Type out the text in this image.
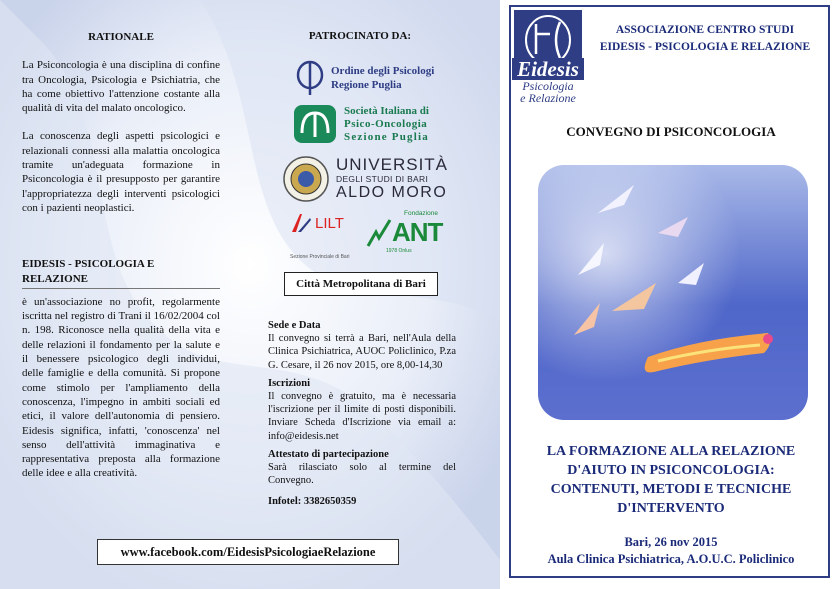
RATIONALE

La Psiconcologia è una disciplina di confine tra Oncologia, Psicologia e Psichiatria, che ha come obiettivo l'attenzione costante alla qualità di vita del malato oncologico.

La conoscenza degli aspetti psicologici e relazionali connessi alla malattia oncologica tramite un'adeguata formazione in Psiconcologia è il presupposto per garantire l'appropriatezza degli interventi psicologici con i pazienti neoplastici.

EIDESIS - PSICOLOGIA E RELAZIONE

è un'associazione no profit, regolarmente iscritta nel registro di Trani il 16/02/2004 col n. 198. Riconosce nella qualità della vita e delle relazioni il fondamento per la salute e il benessere psicologico degli individui, delle famiglie e della comunità. Si propone come stimolo per l'ampliamento della conoscenza, l'impegno in ambiti sociali ed etici, il valore dell'autonomia di pensiero. Eidesis significa, infatti, 'conoscenza' nel senso dell'attività immaginativa e rappresentativa preposta alla formazione delle idee e alla creatività.

PATROCINATO DA:

Ordine degli Psicologi
Regione Puglia
Società Italiana di
Psico-Oncologia
Sezione Puglia
UNIVERSITÀ
DEGLI STUDI DI BARI
ALDO MORO
LILT
Sezione Provinciale di Bari
Fondazione
ANT
1978 Onlus
Città Metropolitana di Bari

Sede e Data

Il convegno si terrà a Bari, nell'Aula della Clinica Psichiatrica, AUOC Policlinico, P.za G. Cesare, il 26 nov 2015, ore 8,00-14,30

Iscrizioni

Il convegno è gratuito, ma è necessaria l'iscrizione per il limite di posti disponibili. Inviare Scheda d'Iscrizione via email a: info@eidesis.net

Attestato di partecipazione

Sarà rilasciato solo al termine del Convegno.

Infotel: 3382650359

www.facebook.com/EidesisPsicologiaeRelazione
Eidesis
Psicologia
e Relazione
ASSOCIAZIONE CENTRO STUDI
EIDESIS - PSICOLOGIA E RELAZIONE
CONVEGNO DI PSICONCOLOGIA
LA FORMAZIONE ALLA RELAZIONE
D'AIUTO IN PSICONCOLOGIA:
CONTENUTI, METODI E TECNICHE
D'INTERVENTO
Bari, 26 nov 2015
Aula Clinica Psichiatrica, A.O.U.C. Policlinico
